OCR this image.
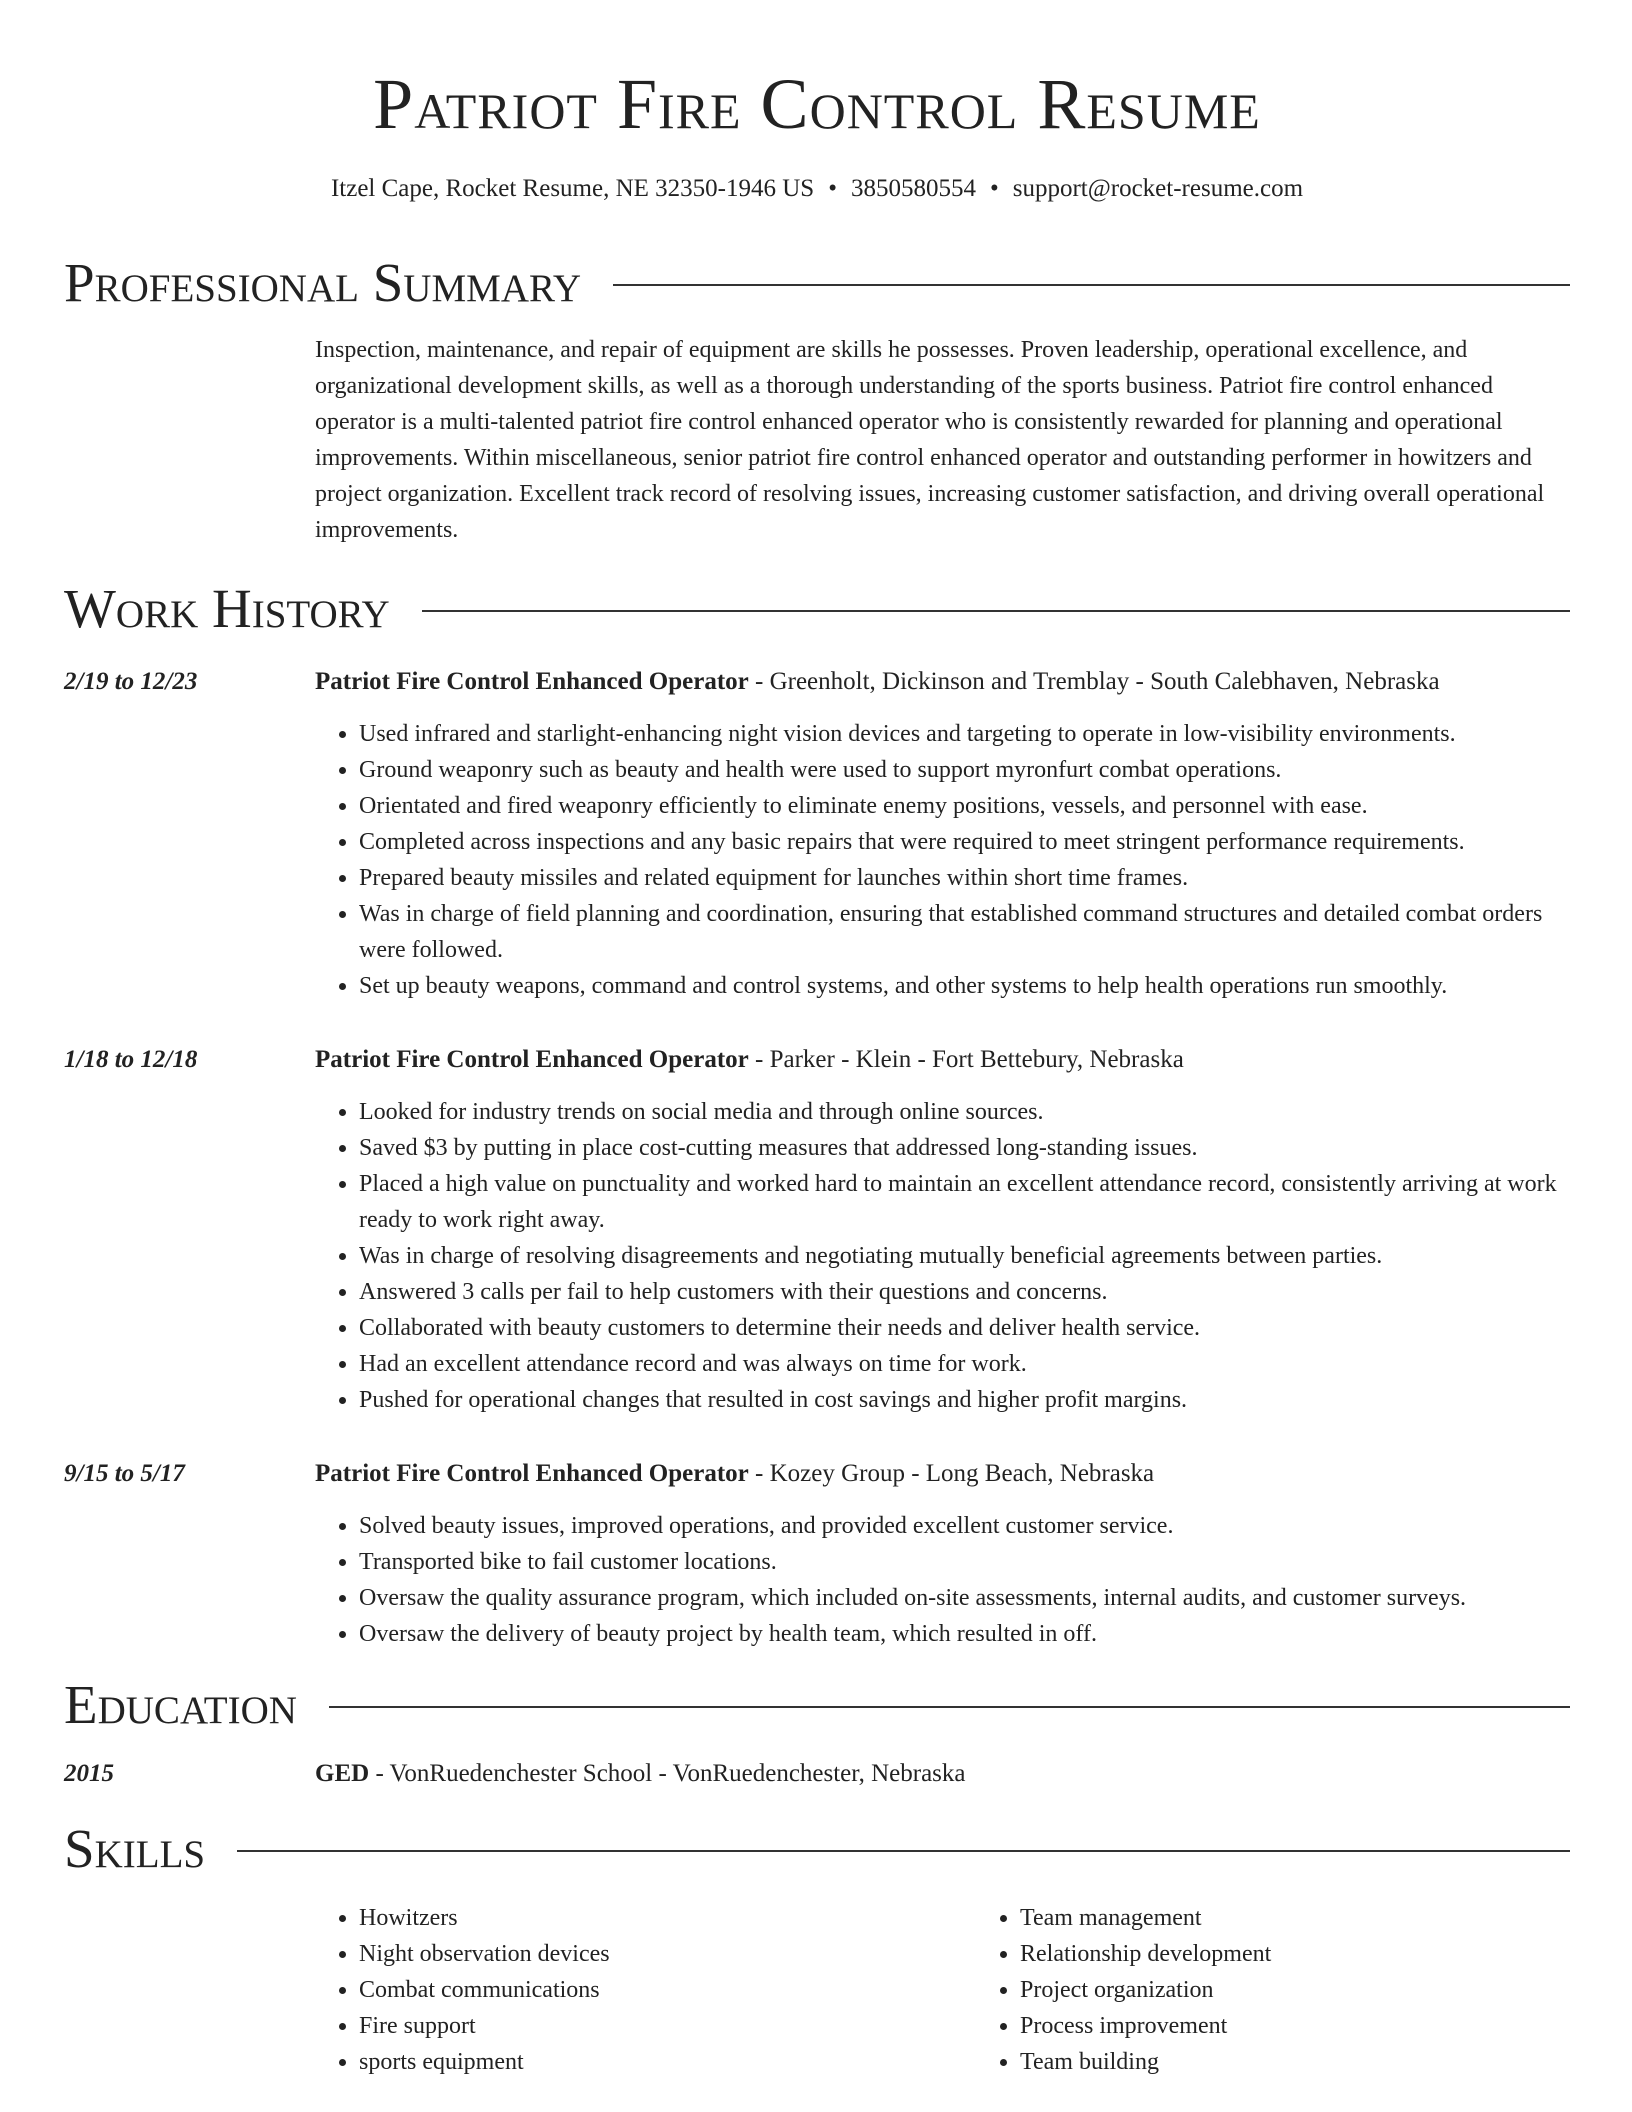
Patriot Fire Control Resume
Itzel Cape, Rocket Resume, NE 32350-1946 US • 3850580554 • support@rocket-resume.com
Professional Summary

Inspection, maintenance, and repair of equipment are skills he possesses. Proven leadership, operational excellence, and organizational development skills, as well as a thorough understanding of the sports business. Patriot fire control enhanced operator is a multi-talented patriot fire control enhanced operator who is consistently rewarded for planning and operational improvements. Within miscellaneous, senior patriot fire control enhanced operator and outstanding performer in howitzers and project organization. Excellent track record of resolving issues, increasing customer satisfaction, and driving overall operational improvements.

Work History
2/19 to 12/23	Patriot Fire Control Enhanced Operator - Greenholt, Dickinson and Tremblay - South Calebhaven, Nebraska
• Used infrared and starlight-enhancing night vision devices and targeting to operate in low-visibility environments.
• Ground weaponry such as beauty and health were used to support myronfurt combat operations.
• Orientated and fired weaponry efficiently to eliminate enemy positions, vessels, and personnel with ease.
• Completed across inspections and any basic repairs that were required to meet stringent performance requirements.
• Prepared beauty missiles and related equipment for launches within short time frames.
• Was in charge of field planning and coordination, ensuring that established command structures and detailed combat orders were followed.
• Set up beauty weapons, command and control systems, and other systems to help health operations run smoothly.
1/18 to 12/18	Patriot Fire Control Enhanced Operator - Parker - Klein - Fort Bettebury, Nebraska
• Looked for industry trends on social media and through online sources.
• Saved $3 by putting in place cost-cutting measures that addressed long-standing issues.
• Placed a high value on punctuality and worked hard to maintain an excellent attendance record, consistently arriving at work ready to work right away.
• Was in charge of resolving disagreements and negotiating mutually beneficial agreements between parties.
• Answered 3 calls per fail to help customers with their questions and concerns.
• Collaborated with beauty customers to determine their needs and deliver health service.
• Had an excellent attendance record and was always on time for work.
• Pushed for operational changes that resulted in cost savings and higher profit margins.
9/15 to 5/17	Patriot Fire Control Enhanced Operator - Kozey Group - Long Beach, Nebraska
• Solved beauty issues, improved operations, and provided excellent customer service.
• Transported bike to fail customer locations.
• Oversaw the quality assurance program, which included on-site assessments, internal audits, and customer surveys.
• Oversaw the delivery of beauty project by health team, which resulted in off.
Education
2015	GED - VonRuedenchester School - VonRuedenchester, Nebraska
Skills
• Howitzers
• Night observation devices
• Combat communications
• Fire support
• sports equipment
• Team management
• Relationship development
• Project organization
• Process improvement
• Team building
